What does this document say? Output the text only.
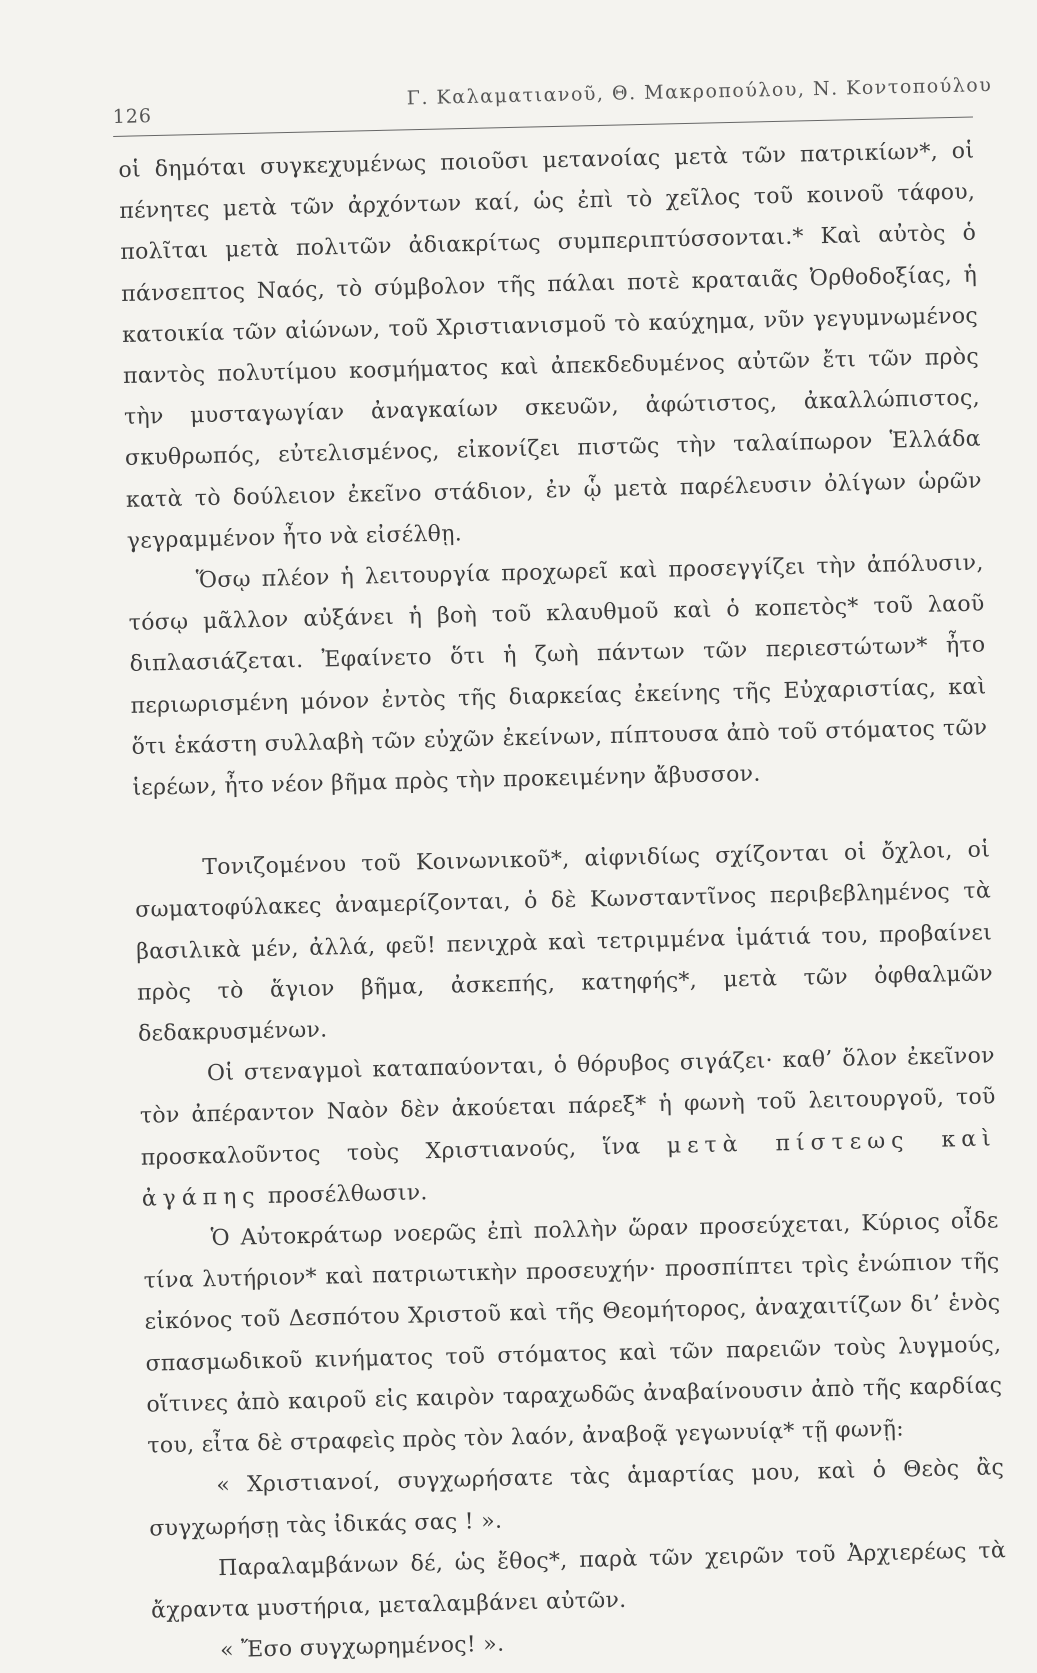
126
Γ. Καλαματιανοῦ, Θ. Μακροπούλου, Ν. Κοντοπούλου

οἱ δημόται συγκεχυμένως ποιοῦσι μετανοίας μετὰ τῶν πατρικίων*, οἱ πένητες μετὰ τῶν ἀρχόντων καί, ὡς ἐπὶ τὸ χεῖλος τοῦ κοινοῦ τάφου, πολῖται μετὰ πολιτῶν ἀδιακρίτως συμπεριπτύσσονται.* Καὶ αὐτὸς ὁ πάνσεπτος Ναός, τὸ σύμβολον τῆς πάλαι ποτὲ κραταιᾶς Ὀρθοδοξίας, ἡ κατοικία τῶν αἰώνων, τοῦ Χριστιανισμοῦ τὸ καύχημα, νῦν γεγυμνωμένος παντὸς πολυτίμου κοσμήματος καὶ ἀπεκδεδυμένος αὐτῶν ἔτι τῶν πρὸς τὴν μυσταγωγίαν ἀναγκαίων σκευῶν, ἀφώτιστος, ἀκαλλώπιστος, σκυθρωπός, εὐτελισμένος, εἰκονίζει πιστῶς τὴν ταλαίπωρον Ἑλλάδα κατὰ τὸ δούλειον ἐκεῖνο στάδιον, ἐν ᾧ μετὰ παρέλευσιν ὀλίγων ὡρῶν γεγραμμένον ἦτο νὰ εἰσέλθῃ.

Ὅσῳ πλέον ἡ λειτουργία προχωρεῖ καὶ προσεγγίζει τὴν ἀπόλυσιν, τόσῳ μᾶλλον αὐξάνει ἡ βοὴ τοῦ κλαυθμοῦ καὶ ὁ κοπετὸς* τοῦ λαοῦ διπλασιάζεται. Ἐφαίνετο ὅτι ἡ ζωὴ πάντων τῶν περιεστώτων* ἦτο περιωρισμένη μόνον ἐντὸς τῆς διαρκείας ἐκείνης τῆς Εὐχαριστίας, καὶ ὅτι ἑκάστη συλλαβὴ τῶν εὐχῶν ἐκείνων, πίπτουσα ἀπὸ τοῦ στόματος τῶν ἱερέων, ἦτο νέον βῆμα πρὸς τὴν προκειμένην ἄβυσσον.

Τονιζομένου τοῦ Κοινωνικοῦ*, αἰφνιδίως σχίζονται οἱ ὄχλοι, οἱ σωματοφύλακες ἀναμερίζονται, ὁ δὲ Κωνσταντῖνος περιβεβλημένος τὰ βασιλικὰ μέν, ἀλλά, φεῦ! πενιχρὰ καὶ τετριμμένα ἱμάτιά του, προβαίνει πρὸς τὸ ἅγιον βῆμα, ἀσκεπής, κατηφής*, μετὰ τῶν ὀφθαλμῶν δεδακρυσμένων.

Οἱ στεναγμοὶ καταπαύονται, ὁ θόρυβος σιγάζει· καθ’ ὅλον ἐκεῖνον τὸν ἀπέραντον Ναὸν δὲν ἀκούεται πάρεξ* ἡ φωνὴ τοῦ λειτουργοῦ, τοῦ προσκαλοῦντος τοὺς Χριστιανούς, ἵνα μετὰ πίστεως καὶ ἀγάπης προσέλθωσιν.

Ὁ Αὐτοκράτωρ νοερῶς ἐπὶ πολλὴν ὥραν προσεύχεται, Κύριος οἶδε τίνα λυτήριον* καὶ πατριωτικὴν προσευχήν· προσπίπτει τρὶς ἐνώπιον τῆς εἰκόνος τοῦ Δεσπότου Χριστοῦ καὶ τῆς Θεομήτορος, ἀναχαιτίζων δι’ ἑνὸς σπασμωδικοῦ κινήματος τοῦ στόματος καὶ τῶν παρειῶν τοὺς λυγμούς, οἵτινες ἀπὸ καιροῦ εἰς καιρὸν ταραχωδῶς ἀναβαίνουσιν ἀπὸ τῆς καρδίας του, εἶτα δὲ στραφεὶς πρὸς τὸν λαόν, ἀναβοᾷ γεγωνυίᾳ* τῇ φωνῇ:

« Χριστιανοί, συγχωρήσατε τὰς ἁμαρτίας μου, καὶ ὁ Θεὸς ἂς συγχωρήσῃ τὰς ἰδικάς σας ! ».

Παραλαμβάνων δέ, ὡς ἔθος*, παρὰ τῶν χειρῶν τοῦ Ἀρχιερέως τὰ ἄχραντα μυστήρια, μεταλαμβάνει αὐτῶν.

« Ἔσο συγχωρημένος! ».
